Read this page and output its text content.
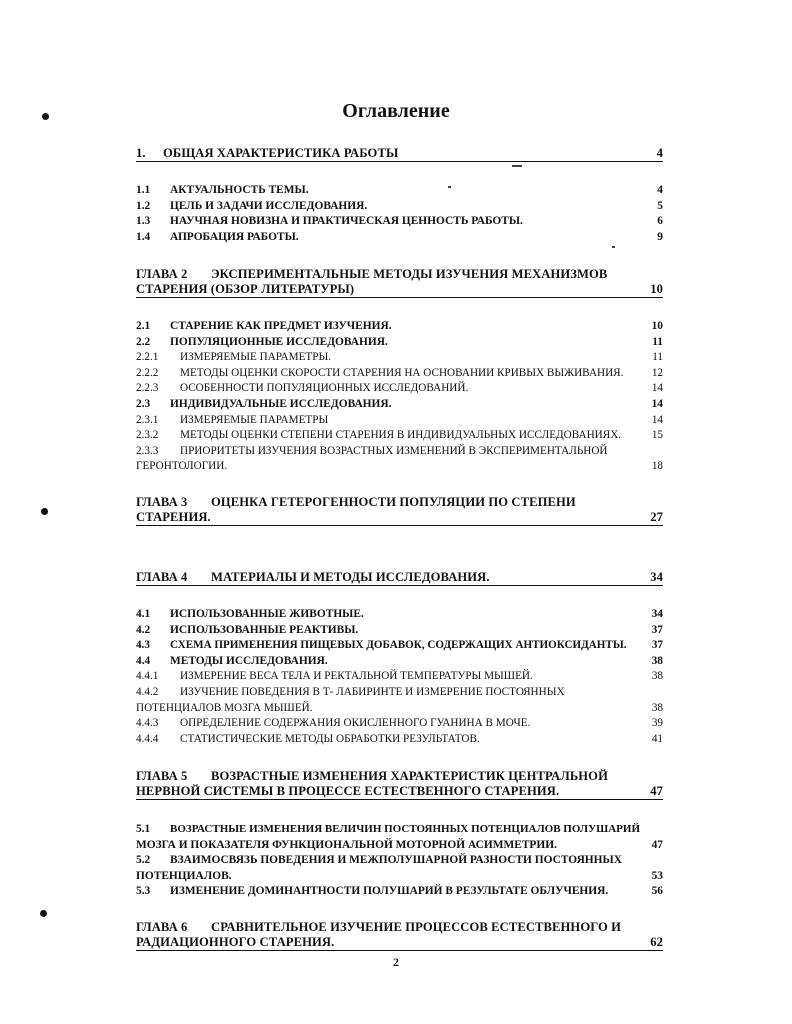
Оглавление
1. ОБЩАЯ ХАРАКТЕРИСТИКА РАБОТЫ	4
1.1	АКТУАЛЬНОСТЬ ТЕМЫ.	4
1.2	ЦЕЛЬ И ЗАДАЧИ ИССЛЕДОВАНИЯ.	5
1.3	НАУЧНАЯ НОВИЗНА И ПРАКТИЧЕСКАЯ ЦЕННОСТЬ РАБОТЫ.	6
1.4	АПРОБАЦИЯ РАБОТЫ.	9
ГЛАВА 2 ЭКСПЕРИМЕНТАЛЬНЫЕ МЕТОДЫ ИЗУЧЕНИЯ МЕХАНИЗМОВ
СТАРЕНИЯ (ОБЗОР ЛИТЕРАТУРЫ)	10
2.1	СТАРЕНИЕ КАК ПРЕДМЕТ ИЗУЧЕНИЯ.	10
2.2	ПОПУЛЯЦИОННЫЕ ИССЛЕДОВАНИЯ.	11
2.2.1	ИЗМЕРЯЕМЫЕ ПАРАМЕТРЫ.	11
2.2.2	МЕТОДЫ ОЦЕНКИ СКОРОСТИ СТАРЕНИЯ НА ОСНОВАНИИ КРИВЫХ ВЫЖИВАНИЯ.	12
2.2.3	ОСОБЕННОСТИ ПОПУЛЯЦИОННЫХ ИССЛЕДОВАНИЙ.	14
2.3	ИНДИВИДУАЛЬНЫЕ ИССЛЕДОВАНИЯ.	14
2.3.1	ИЗМЕРЯЕМЫЕ ПАРАМЕТРЫ	14
2.3.2	МЕТОДЫ ОЦЕНКИ СТЕПЕНИ СТАРЕНИЯ В ИНДИВИДУАЛЬНЫХ ИССЛЕДОВАНИЯХ.	15
2.3.3	ПРИОРИТЕТЫ ИЗУЧЕНИЯ ВОЗРАСТНЫХ ИЗМЕНЕНИЙ В ЭКСПЕРИМЕНТАЛЬНОЙ
ГЕРОНТОЛОГИИ.	18
ГЛАВА 3 ОЦЕНКА ГЕТЕРОГЕННОСТИ ПОПУЛЯЦИИ ПО СТЕПЕНИ
СТАРЕНИЯ.	27
ГЛАВА 4 МАТЕРИАЛЫ И МЕТОДЫ ИССЛЕДОВАНИЯ.	34
4.1	ИСПОЛЬЗОВАННЫЕ ЖИВОТНЫЕ.	34
4.2	ИСПОЛЬЗОВАННЫЕ РЕАКТИВЫ.	37
4.3	СХЕМА ПРИМЕНЕНИЯ ПИЩЕВЫХ ДОБАВОК, СОДЕРЖАЩИХ АНТИОКСИДАНТЫ. 37
4.4	МЕТОДЫ ИССЛЕДОВАНИЯ.	38
4.4.1	ИЗМЕРЕНИЕ ВЕСА ТЕЛА И РЕКТАЛЬНОЙ ТЕМПЕРАТУРЫ МЫШЕЙ.	38
4.4.2	ИЗУЧЕНИЕ ПОВЕДЕНИЯ В Т- ЛАБИРИНТЕ И ИЗМЕРЕНИЕ ПОСТОЯННЫХ
ПОТЕНЦИАЛОВ МОЗГА МЫШЕЙ.	38
4.4.3	ОПРЕДЕЛЕНИЕ СОДЕРЖАНИЯ ОКИСЛЕННОГО ГУАНИНА В МОЧЕ.	39
4.4.4	СТАТИСТИЧЕСКИЕ МЕТОДЫ ОБРАБОТКИ РЕЗУЛЬТАТОВ.	41
ГЛАВА 5 ВОЗРАСТНЫЕ ИЗМЕНЕНИЯ ХАРАКТЕРИСТИК ЦЕНТРАЛЬНОЙ
НЕРВНОЙ СИСТЕМЫ В ПРОЦЕССЕ ЕСТЕСТВЕННОГО СТАРЕНИЯ.	47
5.1	ВОЗРАСТНЫЕ ИЗМЕНЕНИЯ ВЕЛИЧИН ПОСТОЯННЫХ ПОТЕНЦИАЛОВ ПОЛУШАРИЙ
МОЗГА И ПОКАЗАТЕЛЯ ФУНКЦИОНАЛЬНОЙ МОТОРНОЙ АСИММЕТРИИ.	47
5.2	ВЗАИМОСВЯЗЬ ПОВЕДЕНИЯ И МЕЖПОЛУШАРНОЙ РАЗНОСТИ ПОСТОЯННЫХ
ПОТЕНЦИАЛОВ.	53
5.3	ИЗМЕНЕНИЕ ДОМИНАНТНОСТИ ПОЛУШАРИЙ В РЕЗУЛЬТАТЕ ОБЛУЧЕНИЯ.	56
ГЛАВА 6 СРАВНИТЕЛЬНОЕ ИЗУЧЕНИЕ ПРОЦЕССОВ ЕСТЕСТВЕННОГО И
РАДИАЦИОННОГО СТАРЕНИЯ.	62
2
